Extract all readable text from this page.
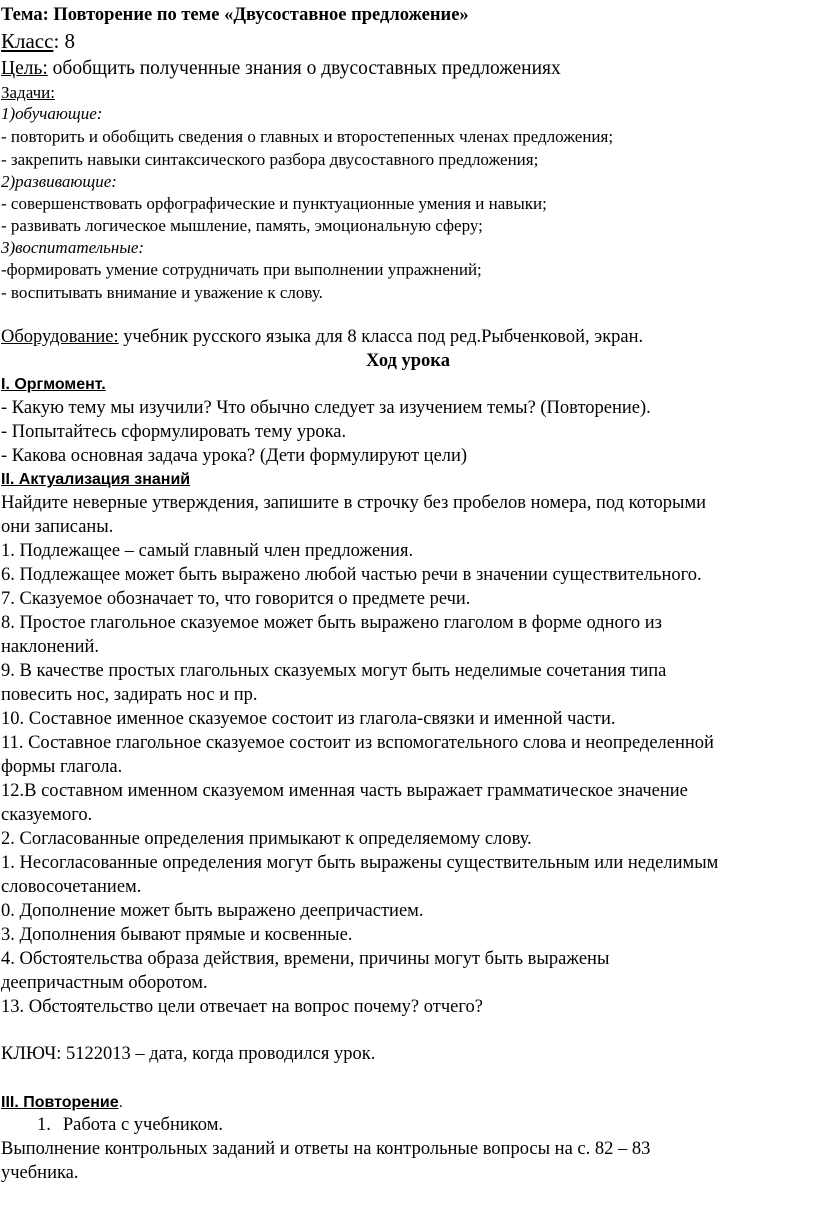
Тема: Повторение по теме «Двусоставное предложение»
Класс: 8
Цель: обобщить полученные знания о двусоставных предложениях
Задачи:
1)обучающие:
- повторить и обобщить сведения о главных и второстепенных членах предложения;
- закрепить навыки синтаксического разбора двусоставного предложения;
2)развивающие:
- совершенствовать орфографические и пунктуационные умения и навыки;
- развивать логическое мышление, память, эмоциональную сферу;
3)воспитательные:
-формировать умение сотрудничать при выполнении упражнений;
- воспитывать внимание и уважение к слову.
Оборудование: учебник русского языка для 8 класса под ред.Рыбченковой, экран.
Ход урока
I. Оргмомент.
- Какую тему мы изучили? Что обычно следует за изучением темы? (Повторение).
- Попытайтесь сформулировать тему урока.
- Какова основная задача урока? (Дети формулируют цели)
II. Актуализация знаний
Найдите неверные утверждения, запишите в строчку без пробелов номера, под которыми
они записаны.
1. Подлежащее – самый главный член предложения.
6. Подлежащее может быть выражено любой частью речи в значении существительного.
7. Сказуемое обозначает то, что говорится о предмете речи.
8. Простое глагольное сказуемое может быть выражено глаголом в форме одного из
наклонений.
9. В качестве простых глагольных сказуемых могут быть неделимые сочетания типа
повесить нос, задирать нос и пр.
10. Составное именное сказуемое состоит из глагола-связки и именной части.
11. Составное глагольное сказуемое состоит из вспомогательного слова и неопределенной
формы глагола.
12.В составном именном сказуемом именная часть выражает грамматическое значение
сказуемого.
2. Согласованные определения примыкают к определяемому слову.
1. Несогласованные определения могут быть выражены существительным или неделимым
словосочетанием.
0. Дополнение может быть выражено деепричастием.
3. Дополнения бывают прямые и косвенные.
4. Обстоятельства образа действия, времени, причины могут быть выражены
деепричастным оборотом.
13. Обстоятельство цели отвечает на вопрос почему? отчего?
КЛЮЧ: 5122013 – дата, когда проводился урок.
III. Повторение.
1. Работа с учебником.
Выполнение контрольных заданий и ответы на контрольные вопросы на с. 82 – 83
учебника.
